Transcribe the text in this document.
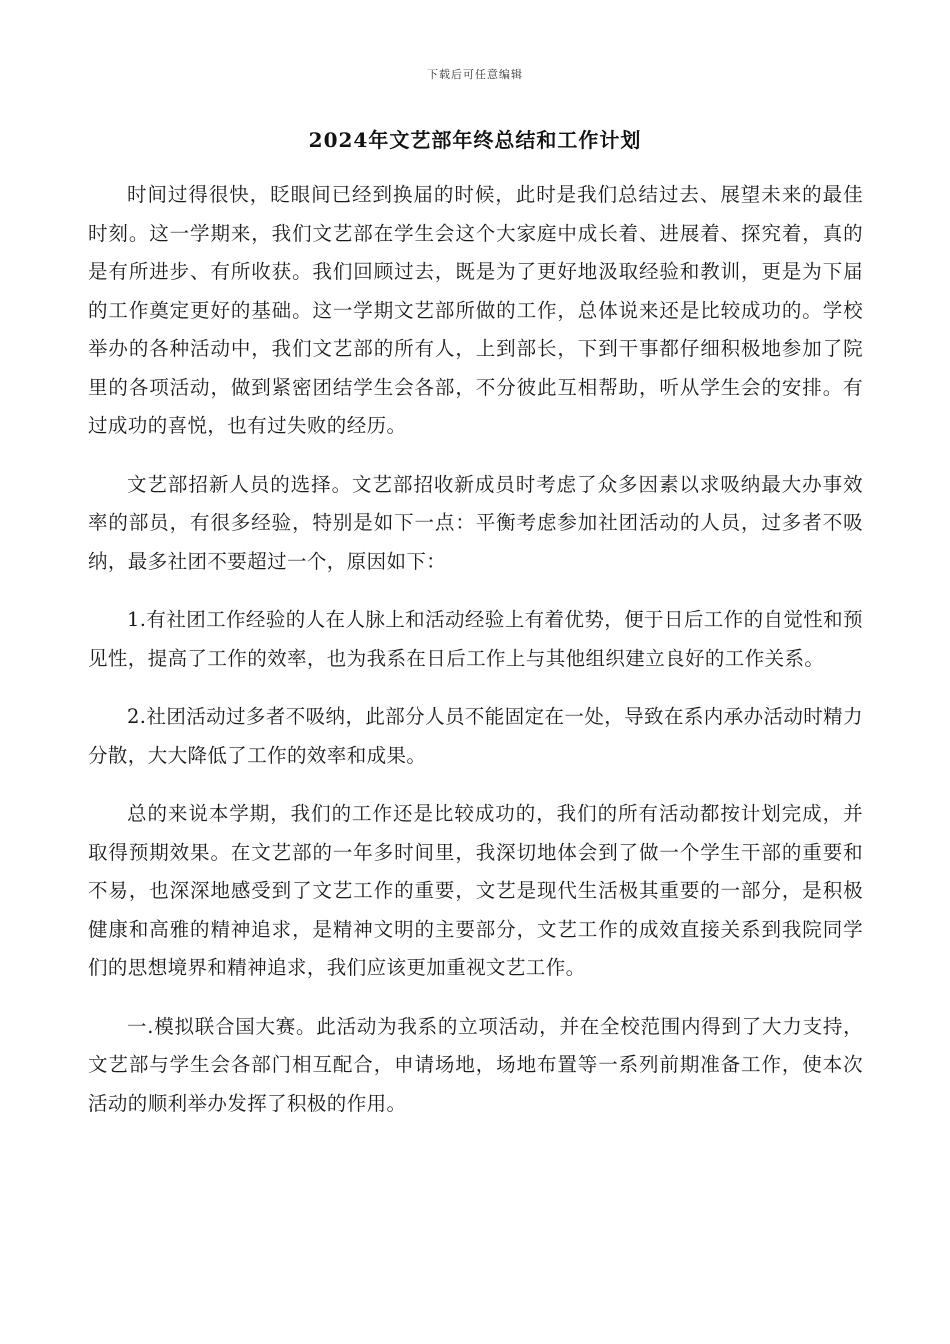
下载后可任意编辑
2024年文艺部年终总结和工作计划

时间过得很快，眨眼间已经到换届的时候，此时是我们总结过去、展望未来的最佳时刻。这一学期来，我们文艺部在学生会这个大家庭中成长着、进展着、探究着，真的是有所进步、有所收获。我们回顾过去，既是为了更好地汲取经验和教训，更是为下届的工作奠定更好的基础。这一学期文艺部所做的工作，总体说来还是比较成功的。学校举办的各种活动中，我们文艺部的所有人，上到部长，下到干事都仔细积极地参加了院里的各项活动，做到紧密团结学生会各部，不分彼此互相帮助，听从学生会的安排。有过成功的喜悦，也有过失败的经历。

文艺部招新人员的选择。文艺部招收新成员时考虑了众多因素以求吸纳最大办事效率的部员，有很多经验，特别是如下一点：平衡考虑参加社团活动的人员，过多者不吸纳，最多社团不要超过一个，原因如下：

1.有社团工作经验的人在人脉上和活动经验上有着优势，便于日后工作的自觉性和预见性，提高了工作的效率，也为我系在日后工作上与其他组织建立良好的工作关系。

2.社团活动过多者不吸纳，此部分人员不能固定在一处，导致在系内承办活动时精力分散，大大降低了工作的效率和成果。

总的来说本学期，我们的工作还是比较成功的，我们的所有活动都按计划完成，并取得预期效果。在文艺部的一年多时间里，我深切地体会到了做一个学生干部的重要和不易，也深深地感受到了文艺工作的重要，文艺是现代生活极其重要的一部分，是积极健康和高雅的精神追求，是精神文明的主要部分，文艺工作的成效直接关系到我院同学们的思想境界和精神追求，我们应该更加重视文艺工作。

一.模拟联合国大赛。此活动为我系的立项活动，并在全校范围内得到了大力支持，文艺部与学生会各部门相互配合，申请场地，场地布置等一系列前期准备工作，使本次活动的顺利举办发挥了积极的作用。
